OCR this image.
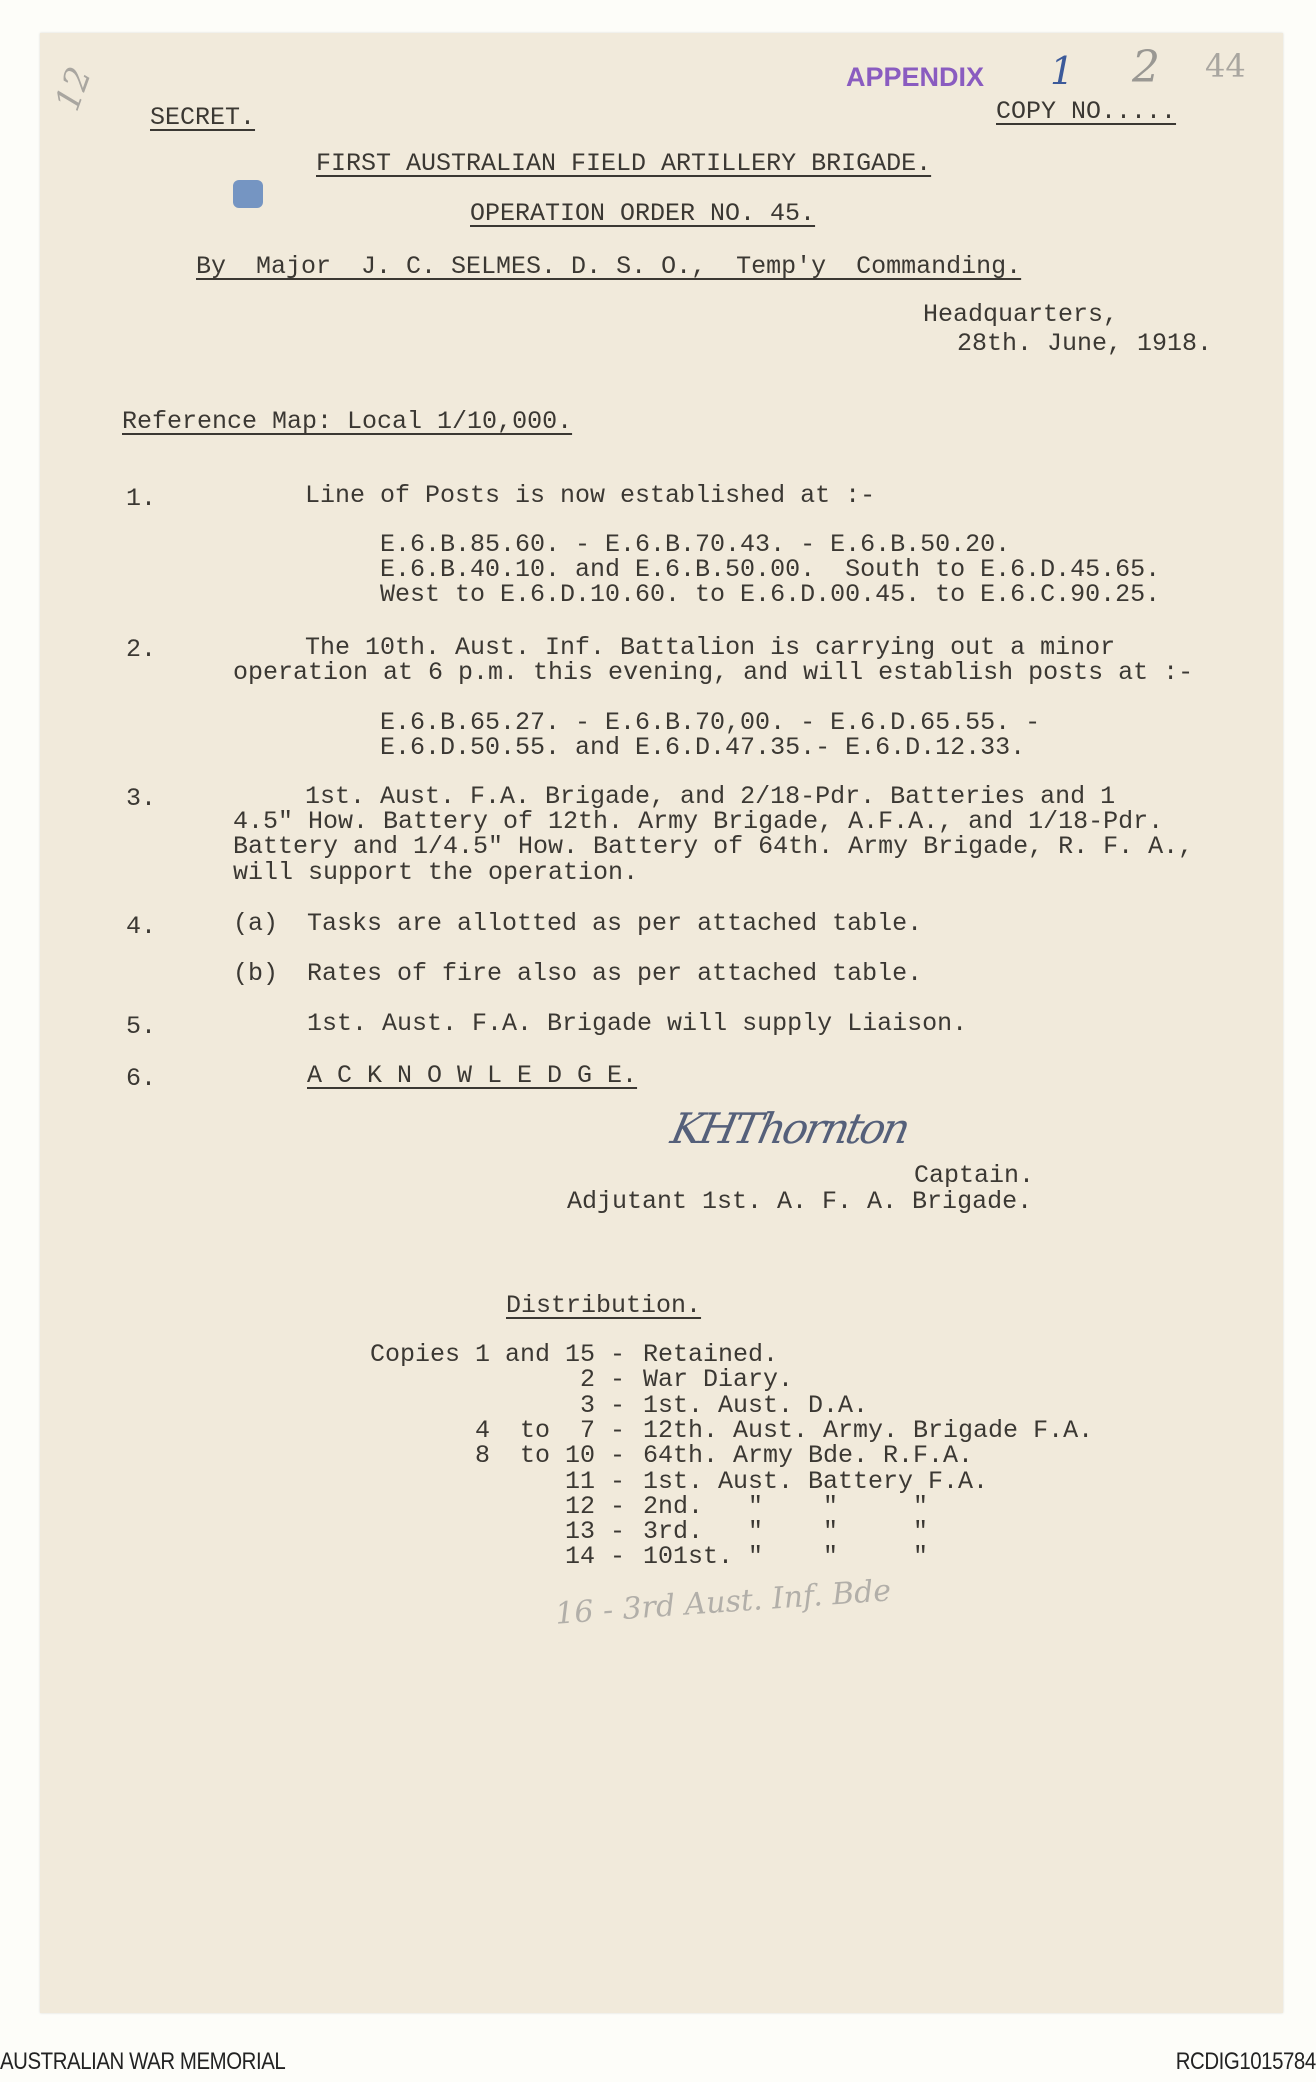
12	44
APPENDIX 1 2
SECRET.	COPY NO.....
FIRST AUSTRALIAN FIELD ARTILLERY BRIGADE.
OPERATION ORDER NO. 45.
By  Major  J. C. SELMES. D. S. O.,  Temp'y  Commanding.
Headquarters,
28th. June, 1918.
Reference Map: Local 1/10,000.
1.	Line of Posts is now established at :-
E.6.B.85.60. - E.6.B.70.43. - E.6.B.50.20.
E.6.B.40.10. and E.6.B.50.00.  South to E.6.D.45.65.
West to E.6.D.10.60. to E.6.D.00.45. to E.6.C.90.25.
2.	The 10th. Aust. Inf. Battalion is carrying out a minor
operation at 6 p.m. this evening, and will establish posts at :-
E.6.B.65.27. - E.6.B.70,00. - E.6.D.65.55. -
E.6.D.50.55. and E.6.D.47.35.- E.6.D.12.33.
3.	1st. Aust. F.A. Brigade, and 2/18-Pdr. Batteries and 1
4.5" How. Battery of 12th. Army Brigade, A.F.A., and 1/18-Pdr.
Battery and 1/4.5" How. Battery of 64th. Army Brigade, R. F. A.,
will support the operation.
4.	(a) Tasks are allotted as per attached table.
(b) Rates of fire also as per attached table.
5.	1st. Aust. F.A. Brigade will supply Liaison.
6.	A C K N O W L E D G E.
KHThornton
Captain.
Adjutant 1st. A. F. A. Brigade.
Distribution.
Copies 1 and 15 - Retained.
2 - War Diary.
3 - 1st. Aust. D.A.
4  to  7 - 12th. Aust. Army. Brigade F.A.
8  to 10 - 64th. Army Bde. R.F.A.
11 - 1st. Aust. Battery F.A.
12 - 2nd.   "    "     "
13 - 3rd.   "    "     "
14 - 101st. "    "     "
16 - 3rd Aust. Inf. Bde
AUSTRALIAN WAR MEMORIAL	RCDIG1015784
